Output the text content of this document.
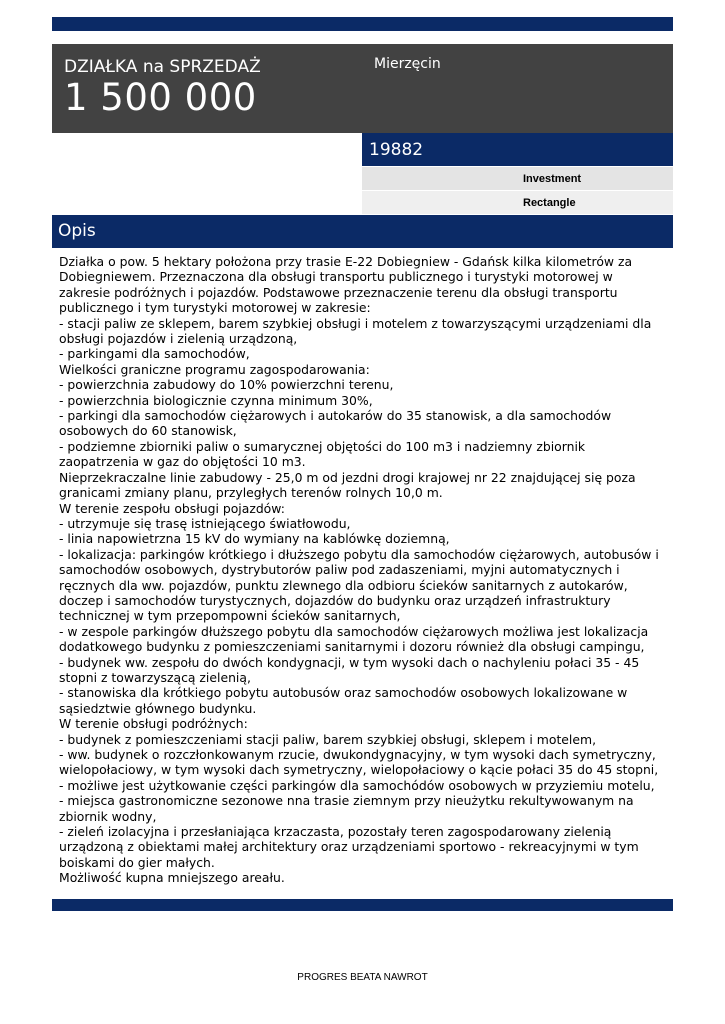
DZIAŁKA na SPRZEDAŻ
1 500 000
Mierzęcin
19882
Investment
Rectangle
Opis

Działka o pow. 5 hektary położona przy trasie E-22 Dobiegniew - Gdańsk kilka kilometrów za Dobiegniewem. Przeznaczona dla obsługi transportu publicznego i turystyki motorowej w zakresie podróżnych i pojazdów. Podstawowe przeznaczenie terenu dla obsługi transportu publicznego i tym turystyki motorowej w zakresie:
- stacji paliw ze sklepem, barem szybkiej obsługi i motelem z towarzyszącymi urządzeniami dla obsługi pojazdów i zielenią urządzoną,
- parkingami dla samochodów,
Wielkości graniczne programu zagospodarowania:
- powierzchnia zabudowy do 10% powierzchni terenu,
- powierzchnia biologicznie czynna minimum 30%,
- parkingi dla samochodów ciężarowych i autokarów do 35 stanowisk, a dla samochodów osobowych do 60 stanowisk,
- podziemne zbiorniki paliw o sumarycznej objętości do 100 m3 i nadziemny zbiornik zaopatrzenia w gaz do objętości 10 m3.
Nieprzekraczalne linie zabudowy - 25,0 m od jezdni drogi krajowej nr 22 znajdującej się poza granicami zmiany planu, przyległych terenów rolnych 10,0 m.
W terenie zespołu obsługi pojazdów:
- utrzymuje się trasę istniejącego światłowodu,
- linia napowietrzna 15 kV do wymiany na kablówkę doziemną,
- lokalizacja: parkingów krótkiego i dłuższego pobytu dla samochodów ciężarowych, autobusów i samochodów osobowych, dystrybutorów paliw pod zadaszeniami, myjni automatycznych i ręcznych dla ww. pojazdów, punktu zlewnego dla odbioru ścieków sanitarnych z autokarów, doczep i samochodów turystycznych, dojazdów do budynku oraz urządzeń infrastruktury technicznej w tym przepompowni ścieków sanitarnych,
- w zespole parkingów dłuższego pobytu dla samochodów ciężarowych możliwa jest lokalizacja dodatkowego budynku z pomieszczeniami sanitarnymi i dozoru również dla obsługi campingu,
- budynek ww. zespołu do dwóch kondygnacji, w tym wysoki dach o nachyleniu połaci 35 - 45 stopni z towarzyszącą zielenią,
- stanowiska dla krótkiego pobytu autobusów oraz samochodów osobowych lokalizowane w sąsiedztwie głównego budynku.
W terenie obsługi podróżnych:
- budynek z pomieszczeniami stacji paliw, barem szybkiej obsługi, sklepem i motelem,
- ww. budynek o rozczłonkowanym rzucie, dwukondygnacyjny, w tym wysoki dach symetryczny, wielopołaciowy, w tym wysoki dach symetryczny, wielopołaciowy o kącie połaci 35 do 45 stopni,
- możliwe jest użytkowanie części parkingów dla samochódów osobowych w przyziemiu motelu,
- miejsca gastronomiczne sezonowe nna trasie ziemnym przy nieużytku rekultywowanym na zbiornik wodny,
- zieleń izolacyjna i przesłaniająca krzaczasta, pozostały teren zagospodarowany zielenią urządzoną z obiektami małej architektury oraz urządzeniami sportowo - rekreacyjnymi w tym boiskami do gier małych.
Możliwość kupna mniejszego areału.

PROGRES BEATA NAWROT
